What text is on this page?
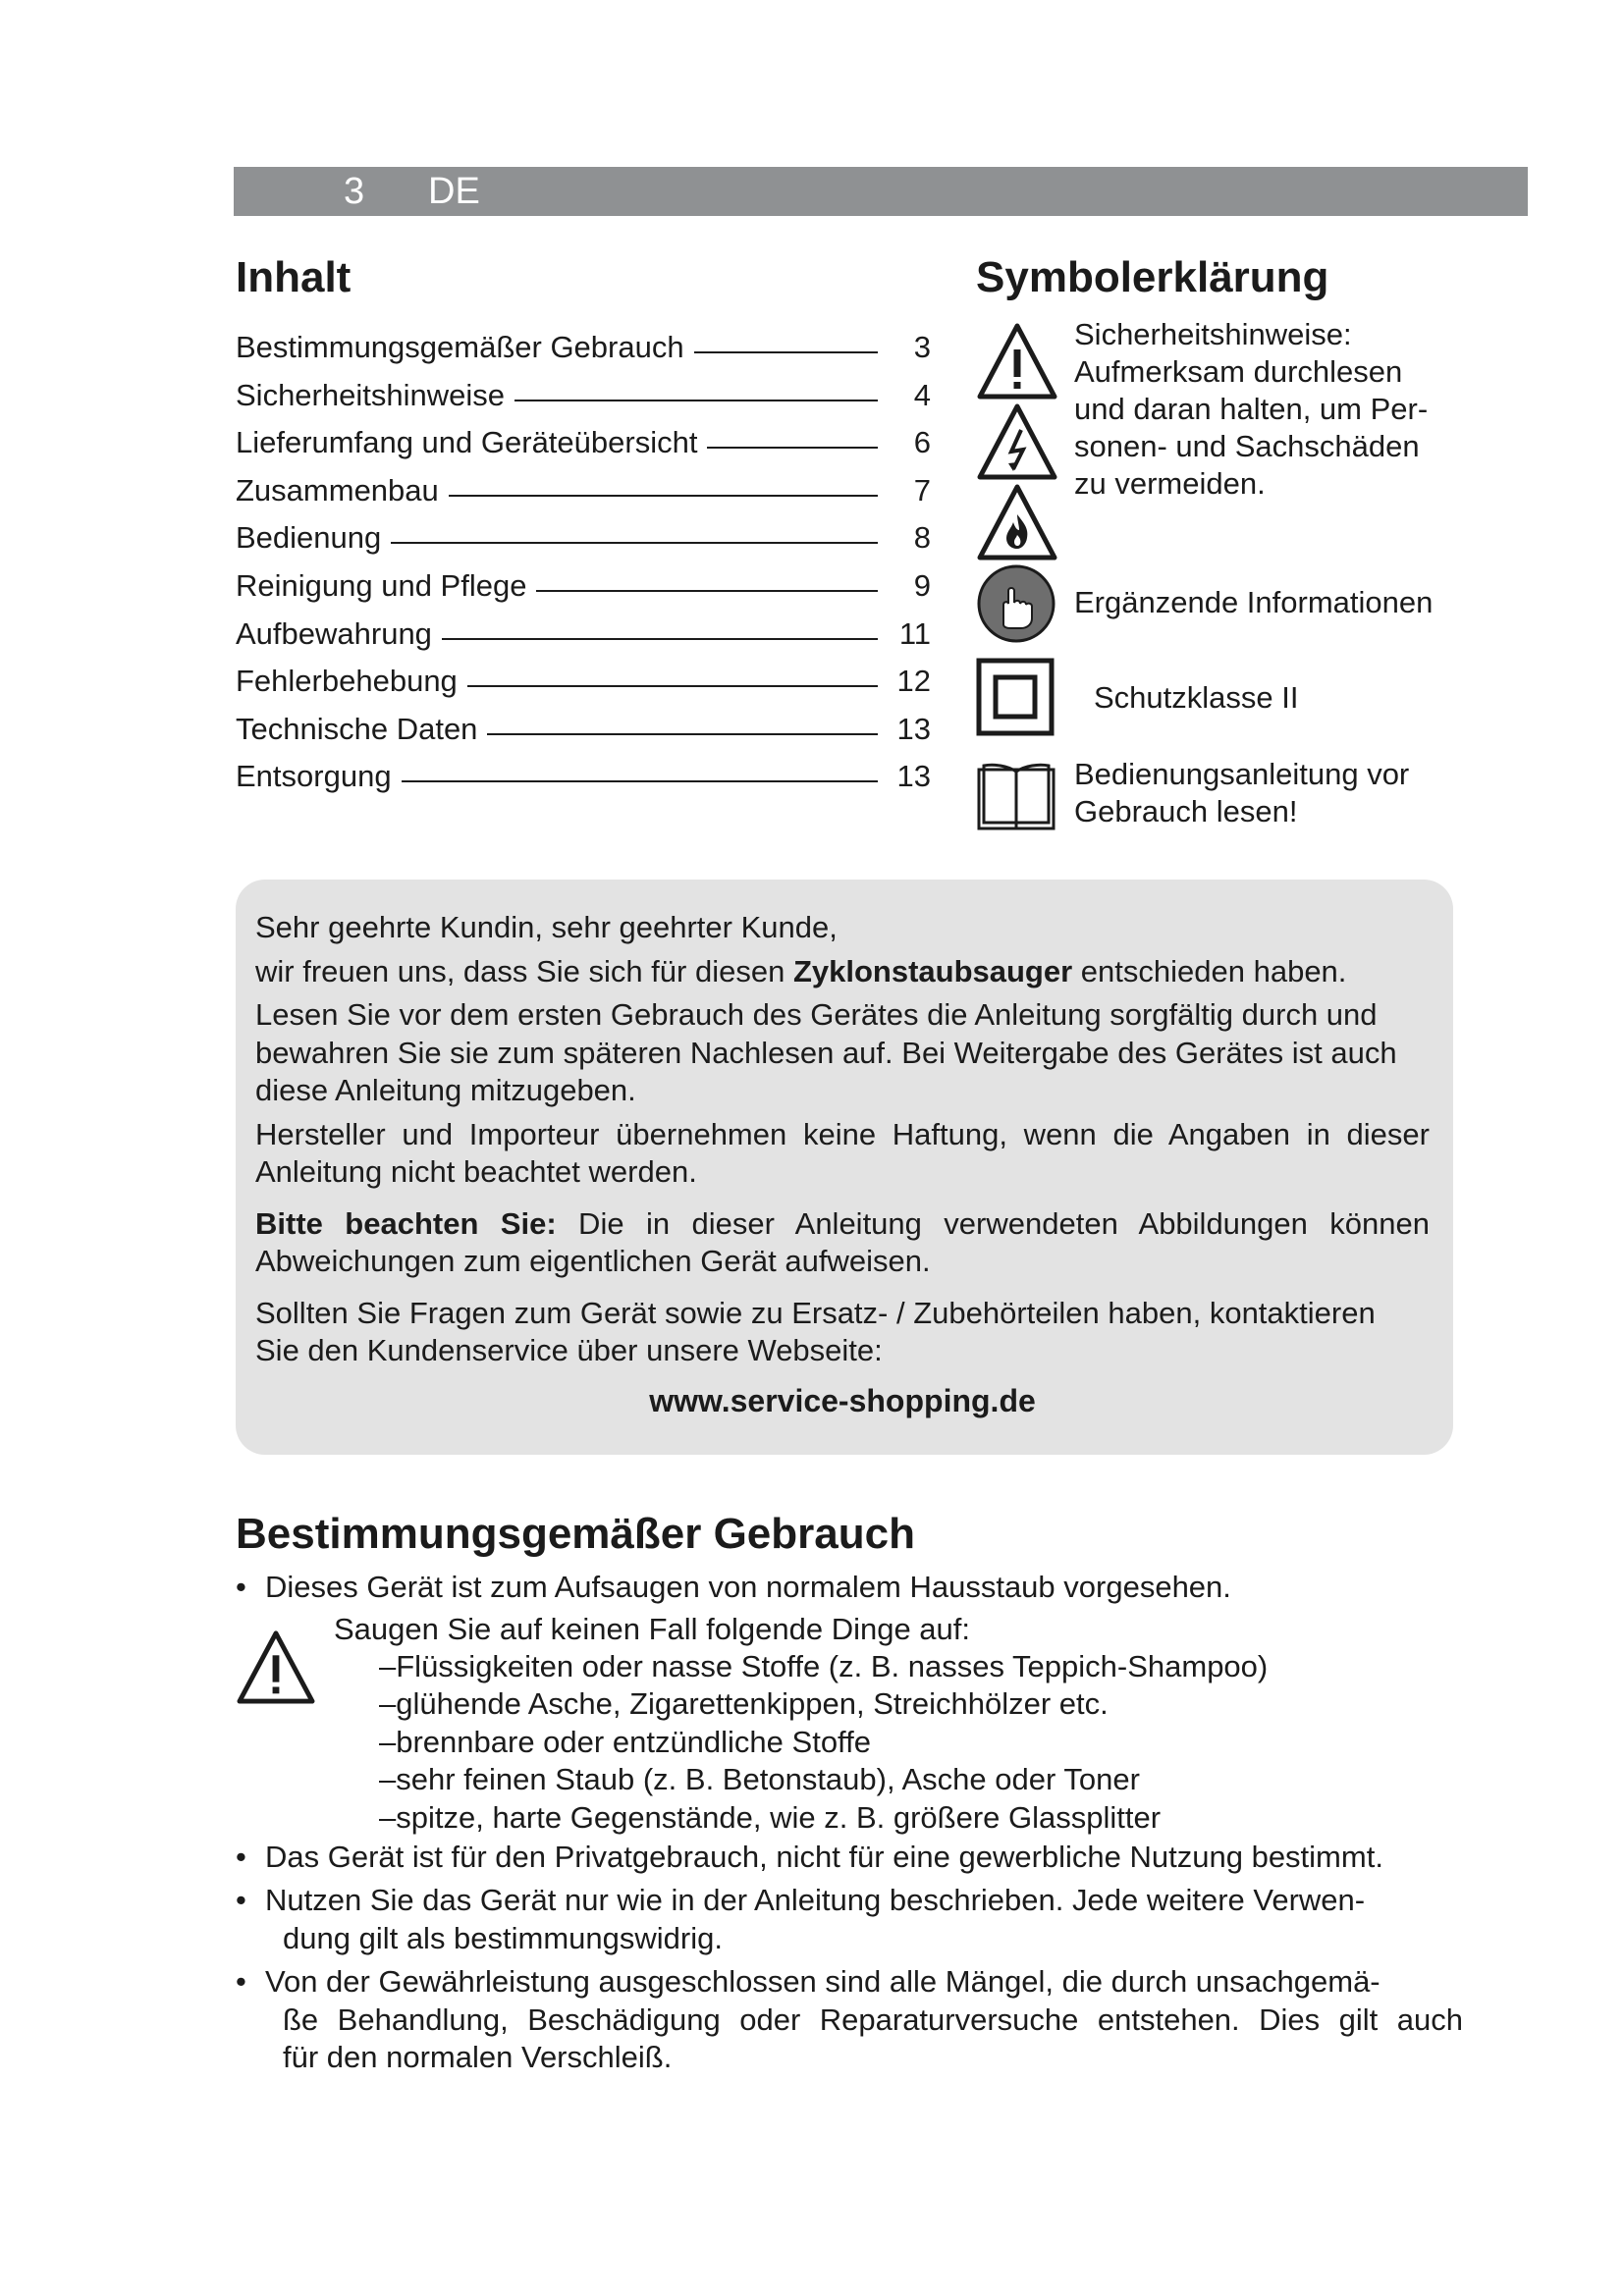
3 DE
Inhalt
Bestimmungsgemäßer Gebrauch	3
Sicherheitshinweise	4
Lieferumfang und Geräteübersicht	6
Zusammenbau	7
Bedienung	8
Reinigung und Pflege	9
Aufbewahrung	11
Fehlerbehebung	12
Technische Daten	13
Entsorgung	13
Symbolerklärung
Sicherheitshinweise:
Aufmerksam durchlesen
und daran halten, um Per-
sonen- und Sachschäden
zu vermeiden.
Ergänzende Informationen
Schutzklasse II
Bedienungsanleitung vor
Gebrauch lesen!

Sehr geehrte Kundin, sehr geehrter Kunde,

wir freuen uns, dass Sie sich für diesen Zyklonstaubsauger entschieden haben.

Lesen Sie vor dem ersten Gebrauch des Gerätes die Anleitung sorgfältig durch und

bewahren Sie sie zum späteren Nachlesen auf. Bei Weitergabe des Gerätes ist auch

diese Anleitung mitzugeben.

Hersteller und Importeur übernehmen keine Haftung, wenn die Angaben in dieser

Anleitung nicht beachtet werden.

Bitte beachten Sie: Die in dieser Anleitung verwendeten Abbildungen können

Abweichungen zum eigentlichen Gerät aufweisen.

Sollten Sie Fragen zum Gerät sowie zu Ersatz- / Zubehörteilen haben, kontaktieren

Sie den Kundenservice über unsere Webseite:

www.service-shopping.de

Bestimmungsgemäßer Gebrauch
• Dieses Gerät ist zum Aufsaugen von normalem Hausstaub vorgesehen.
Saugen Sie auf keinen Fall folgende Dinge auf:
–Flüssigkeiten oder nasse Stoffe (z. B. nasses Teppich-Shampoo)
–glühende Asche, Zigarettenkippen, Streichhölzer etc.
–brennbare oder entzündliche Stoffe
–sehr feinen Staub (z. B. Betonstaub), Asche oder Toner
–spitze, harte Gegenstände, wie z. B. größere Glassplitter
• Das Gerät ist für den Privatgebrauch, nicht für eine gewerbliche Nutzung bestimmt.
• Nutzen Sie das Gerät nur wie in der Anleitung beschrieben. Jede weitere Verwen-
dung gilt als bestimmungswidrig.
• Von der Gewährleistung ausgeschlossen sind alle Mängel, die durch unsachgemä-
ße Behandlung, Beschädigung oder Reparaturversuche entstehen. Dies gilt auch
für den normalen Verschleiß.
